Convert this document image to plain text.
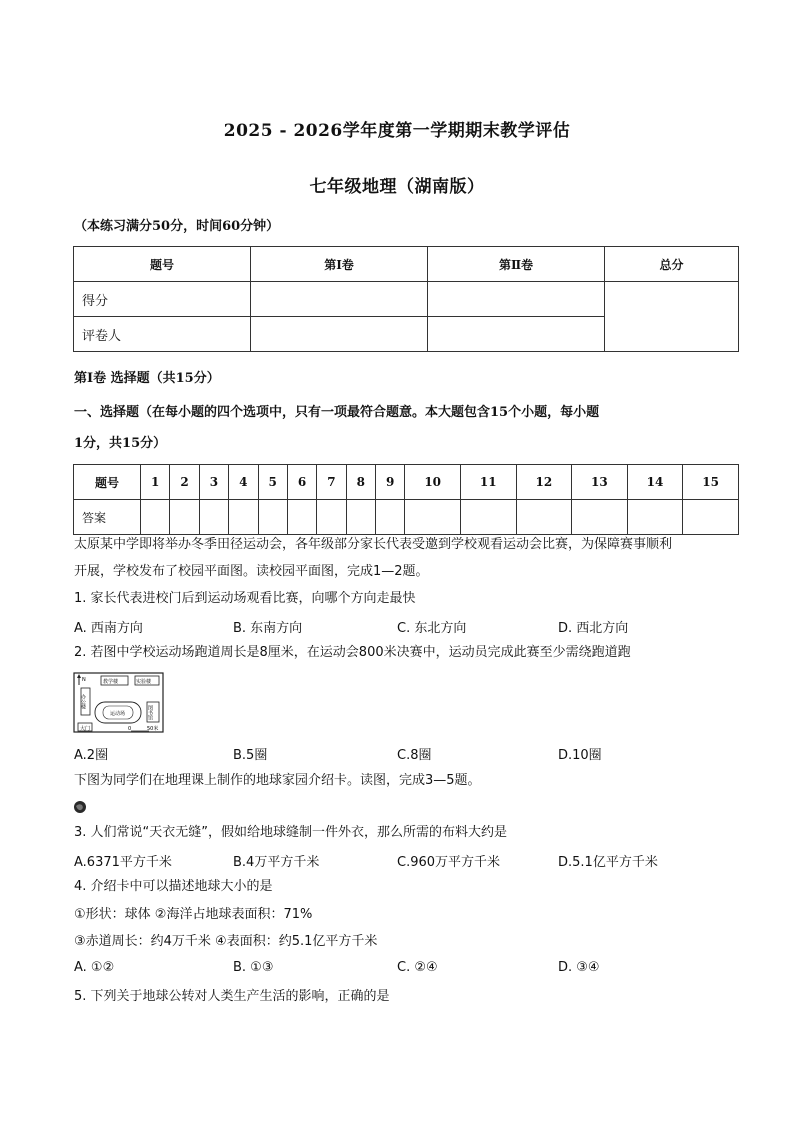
2025 - 2026学年度第一学期期末教学评估
七年级地理（湖南版）
（本练习满分50分，时间60分钟）
题号	第Ⅰ卷	第Ⅱ卷	总分
得分			
评卷人			
第Ⅰ卷 选择题（共15分）
一、选择题（在每小题的四个选项中，只有一项最符合题意。本大题包含15个小题，每小题
1分，共15分）
题号	1	2	3	4	5	6	7	8	9	10	11	12	13	14	15
答案															
太原某中学即将举办冬季田径运动会，各年级部分家长代表受邀到学校观看运动会比赛，为保障赛事顺利
开展，学校发布了校园平面图。读校园平面图，完成1—2题。
1. 家长代表进校门后到运动场观看比赛，向哪个方向走最快
A. 西南方向	B. 东南方向	C. 东北方向	D. 西北方向
2. 若图中学校运动场跑道周长是8厘米，在运动会800米决赛中，运动员完成此赛至少需绕跑道跑
N	教学楼	实验楼
办公楼
运动场	图书馆
大门	0	50米
A.2圈	B.5圈	C.8圈	D.10圈
下图为同学们在地理课上制作的地球家园介绍卡。读图，完成3—5题。
3. 人们常说“天衣无缝”，假如给地球缝制一件外衣，那么所需的布料大约是
A.6371平方千米	B.4万平方千米	C.960万平方千米	D.5.1亿平方千米
4. 介绍卡中可以描述地球大小的是
①形状：球体 ②海洋占地球表面积：71%
③赤道周长：约4万千米 ④表面积：约5.1亿平方千米
A. ①②	B. ①③	C. ②④	D. ③④
5. 下列关于地球公转对人类生产生活的影响，正确的是
